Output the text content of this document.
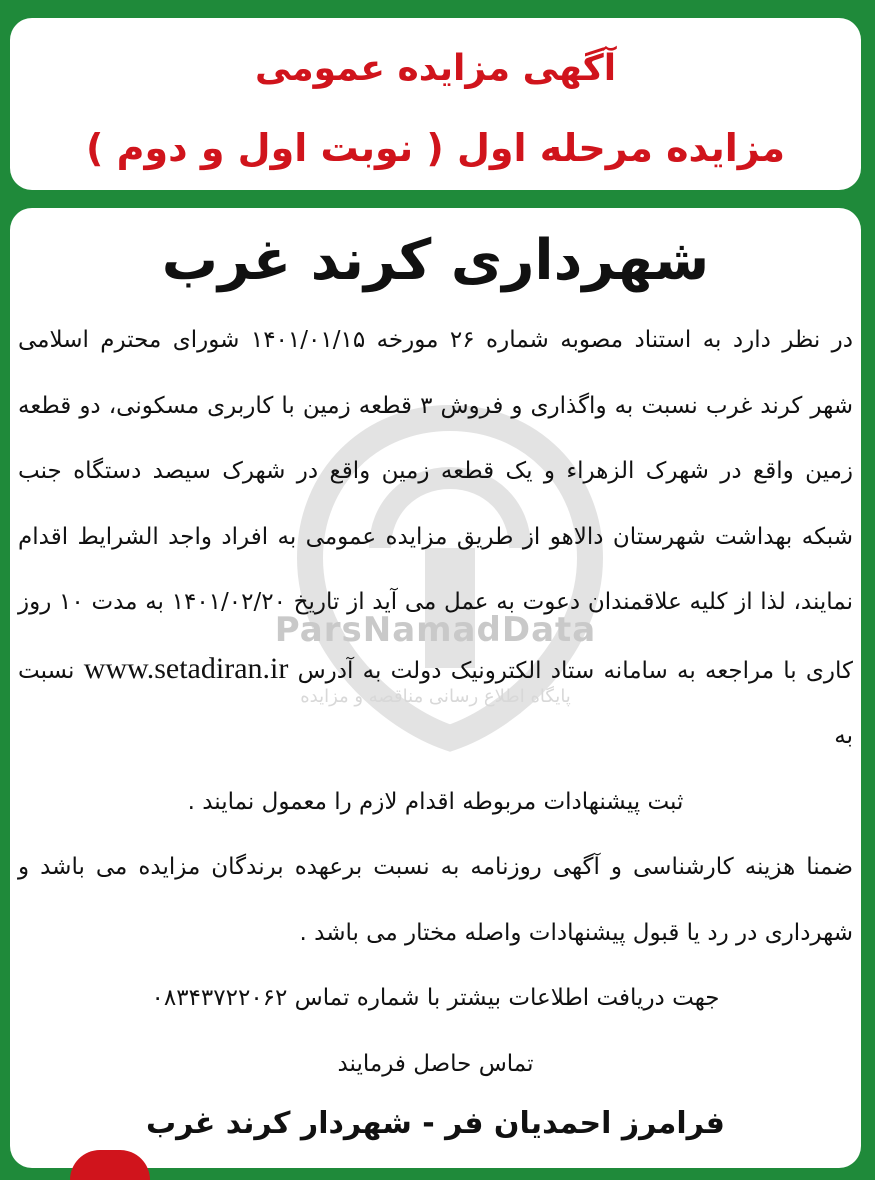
آگهی مزایده عمومی
مزایده مرحله اول ( نوبت اول و دوم )
ParsNamadData
پایگاه اطلاع رسانی مناقصه و مزایده
شهرداری کرند غرب

در نظر دارد به استناد مصوبه شماره ۲۶ مورخه ۱۴۰۱/۰۱/۱۵ شورای محترم اسلامی شهر کرند غرب نسبت به واگذاری و فروش ۳ قطعه زمین با کاربری مسکونی، دو قطعه زمین واقع در شهرک الزهراء و یک قطعه زمین واقع در شهرک سیصد دستگاه جنب شبکه بهداشت شهرستان دالاهو از طریق مزایده عمومی به افراد واجد الشرایط اقدام نمایند، لذا از کلیه علاقمندان دعوت به عمل می آید از تاریخ ۱۴۰۱/۰۲/۲۰ به مدت ۱۰ روز کاری با مراجعه به سامانه ستاد الکترونیک دولت به آدرس www.setadiran.ir نسبت به

ثبت پیشنهادات مربوطه اقدام لازم را معمول نمایند .

ضمنا هزینه کارشناسی و آگهی روزنامه به نسبت برعهده برندگان مزایده می باشد و شهرداری در رد یا قبول پیشنهادات واصله مختار می باشد .

جهت دریافت اطلاعات بیشتر با شماره تماس ۰۸۳۴۳۷۲۲۰۶۲

تماس حاصل فرمایند

فرامرز احمدیان فر - شهردار کرند غرب
